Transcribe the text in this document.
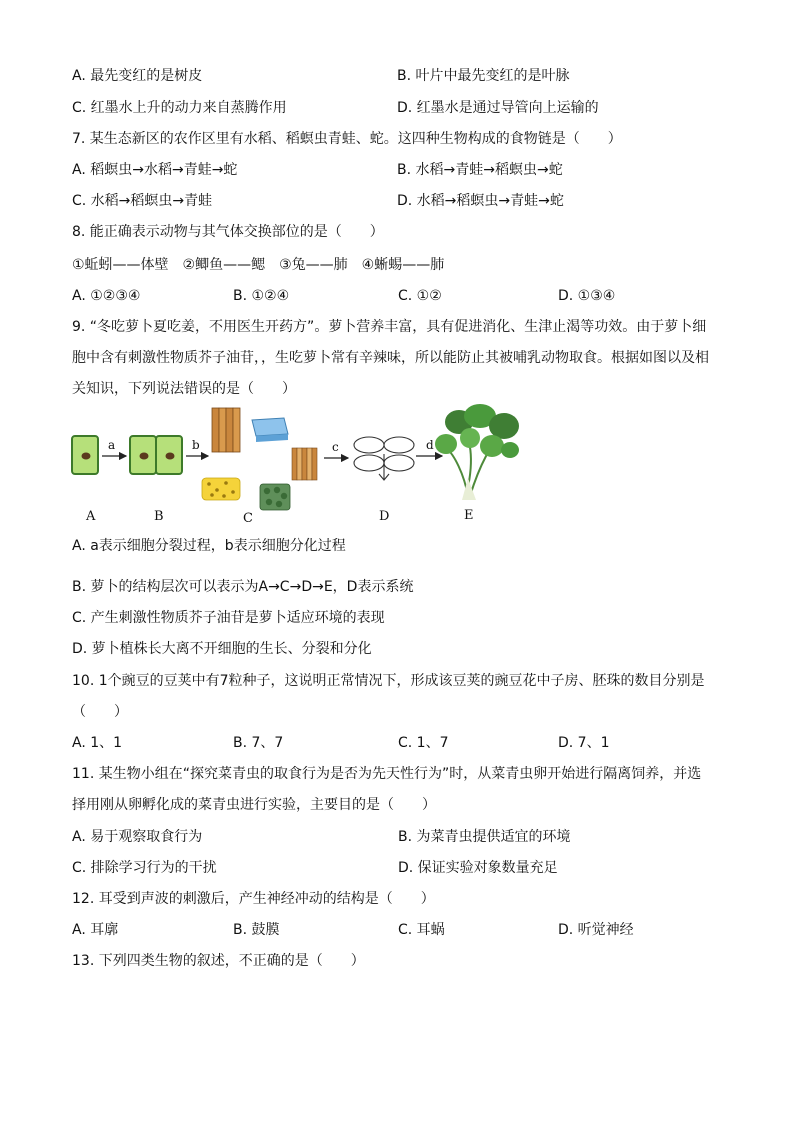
A. 最先变红的是树皮	B. 叶片中最先变红的是叶脉
C. 红墨水上升的动力来自蒸腾作用	D. 红墨水是通过导管向上运输的
7. 某生态新区的农作区里有水稻、稻螟虫青蛙、蛇。这四种生物构成的食物链是（　　）
A. 稻螟虫→水稻→青蛙→蛇	B. 水稻→青蛙→稻螟虫→蛇
C. 水稻→稻螟虫→青蛙	D. 水稻→稻螟虫→青蛙→蛇
8. 能正确表示动物与其气体交换部位的是（　　）
①蚯蚓——体壁　②鲫鱼——鳃　③兔——肺　④蜥蜴——肺
A. ①②③④	B. ①②④	C. ①②	D. ①③④
9. “冬吃萝卜夏吃姜，不用医生开药方”。萝卜营养丰富，具有促进消化、生津止渴等功效。由于萝卜细
胞中含有刺激性物质芥子油苷，，生吃萝卜常有辛辣味，所以能防止其被哺乳动物取食。根据如图以及相
关知识，下列说法错误的是（　　）
a	b	c	d
A	B	C	D	E
A. a表示细胞分裂过程，b表示细胞分化过程
B. 萝卜的结构层次可以表示为A→C→D→E，D表示系统
C. 产生刺激性物质芥子油苷是萝卜适应环境的表现
D. 萝卜植株长大离不开细胞的生长、分裂和分化
10. 1个豌豆的豆荚中有7粒种子，这说明正常情况下，形成该豆荚的豌豆花中子房、胚珠的数目分别是
（　　）
A. 1、1	B. 7、7	C. 1、7	D. 7、1
11. 某生物小组在“探究菜青虫的取食行为是否为先天性行为”时，从菜青虫卵开始进行隔离饲养，并选
择用刚从卵孵化成的菜青虫进行实验，主要目的是（　　）
A. 易于观察取食行为	B. 为菜青虫提供适宜的环境
C. 排除学习行为的干扰	D. 保证实验对象数量充足
12. 耳受到声波的刺激后，产生神经冲动的结构是（　　）
A. 耳廓	B. 鼓膜	C. 耳蜗	D. 听觉神经
13. 下列四类生物的叙述，不正确的是（　　）
